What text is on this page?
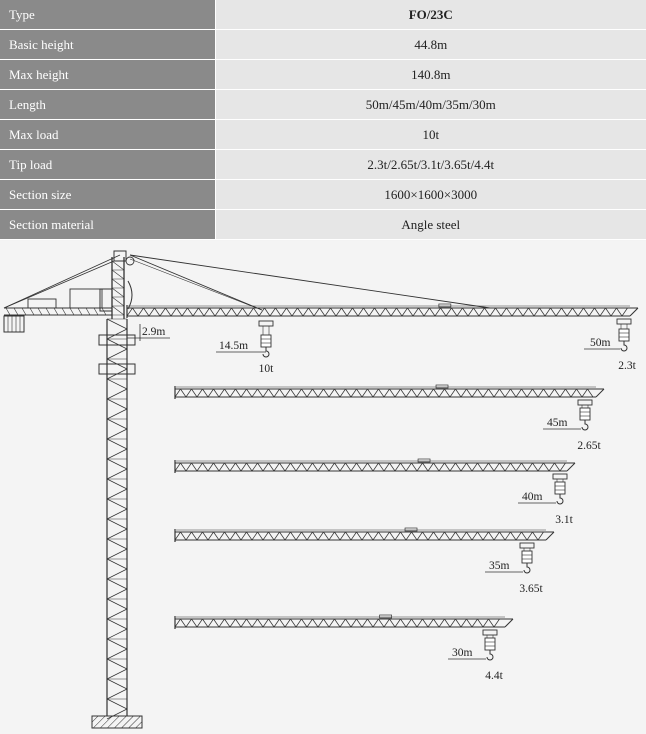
Type	FO/23C
Basic height	44.8m
Max height	140.8m
Length	50m/45m/40m/35m/30m
Max load	10t
Tip load	2.3t/2.65t/3.1t/3.65t/4.4t
Section size	1600×1600×3000
Section material	Angle steel
2.9m
14.5m
10t
50m
2.3t
45m
2.65t
40m
3.1t
35m
3.65t
30m
4.4t
